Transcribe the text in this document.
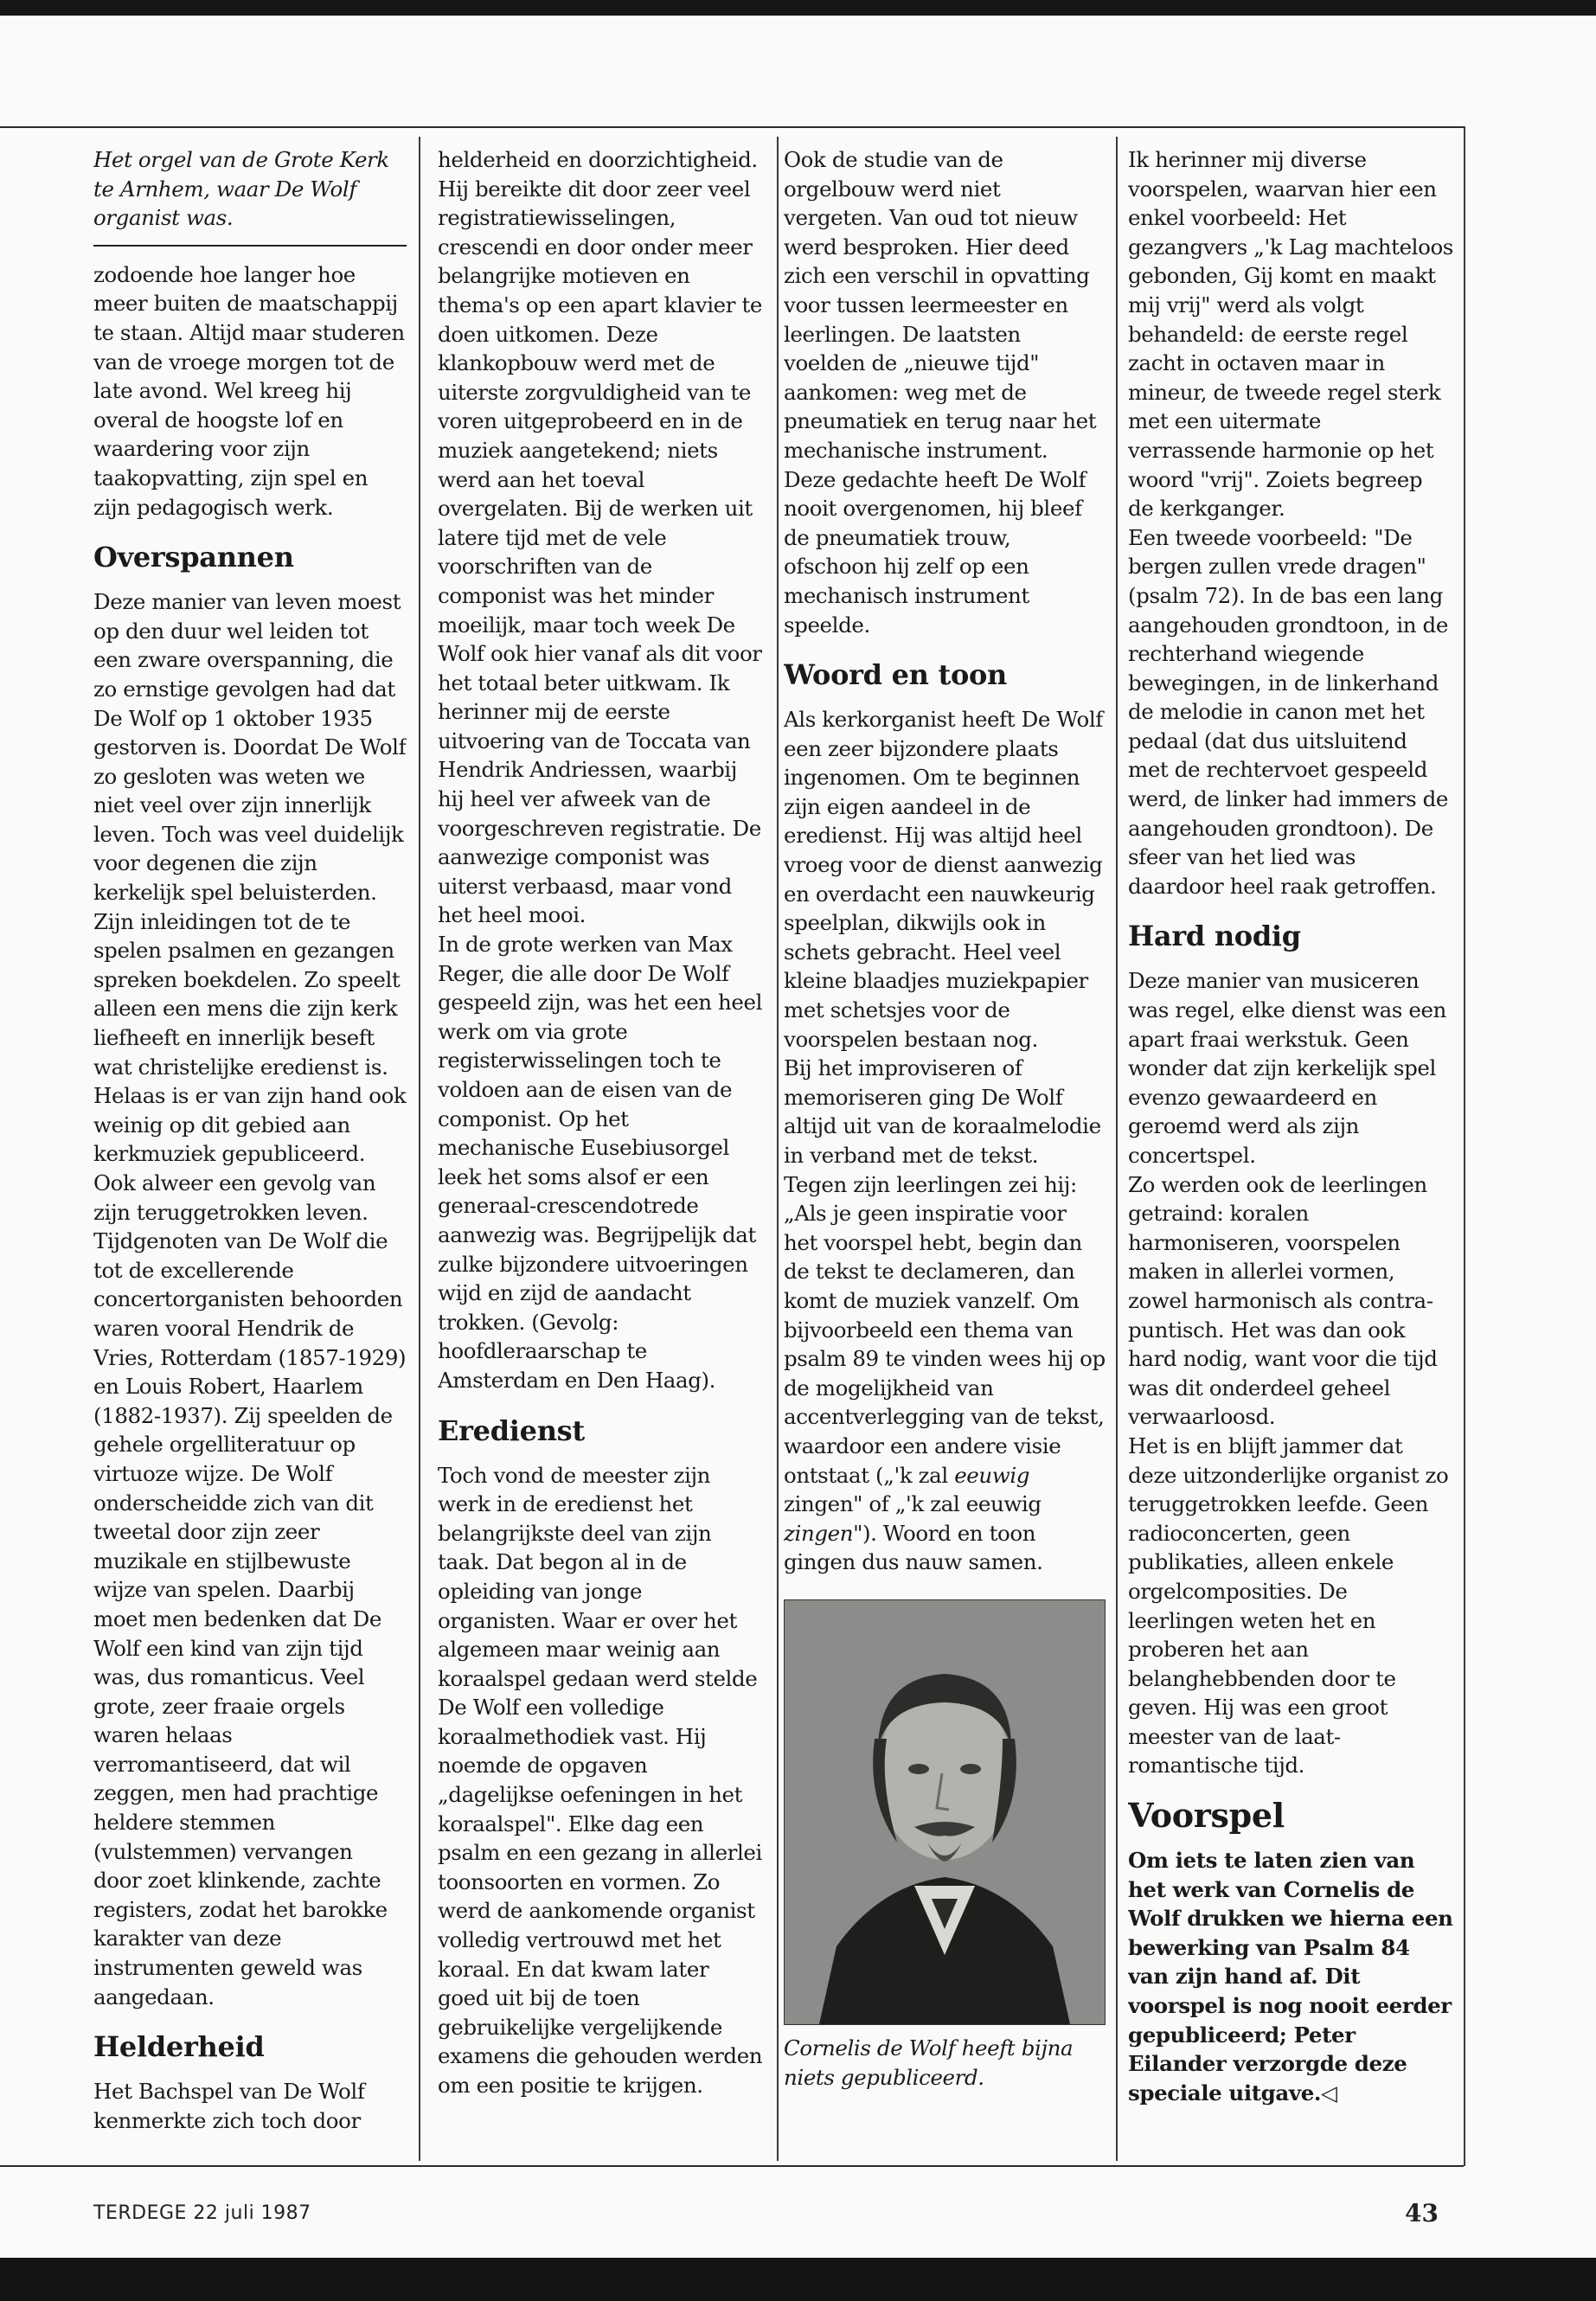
Het orgel van de Grote Kerk te Arnhem, waar De Wolf organist was.

zodoende hoe langer hoe meer buiten de maatschappij te staan. Altijd maar studeren van de vroege morgen tot de late avond. Wel kreeg hij overal de hoogste lof en waardering voor zijn taakopvatting, zijn spel en zijn pedagogisch werk.

Overspannen

Deze manier van leven moest op den duur wel leiden tot een zware overspanning, die zo ernstige gevolgen had dat De Wolf op 1 oktober 1935 gestorven is. Doordat De Wolf zo gesloten was weten we niet veel over zijn innerlijk leven. Toch was veel duidelijk voor degenen die zijn kerkelijk spel beluisterden. Zijn inleidingen tot de te spelen psalmen en gezangen spreken boekdelen. Zo speelt alleen een mens die zijn kerk liefheeft en innerlijk beseft wat christelijke eredienst is. Helaas is er van zijn hand ook weinig op dit gebied aan kerkmuziek gepubliceerd. Ook alweer een gevolg van zijn teruggetrokken leven.

Tijdgenoten van De Wolf die tot de excellerende concertorganisten behoorden waren vooral Hendrik de Vries, Rotterdam (1857-1929) en Louis Robert, Haarlem (1882-1937). Zij speelden de gehele orgelliteratuur op virtuoze wijze. De Wolf onderscheidde zich van dit tweetal door zijn zeer muzikale en stijlbewuste wijze van spelen. Daarbij moet men bedenken dat De Wolf een kind van zijn tijd was, dus romanticus. Veel grote, zeer fraaie orgels waren helaas verromantiseerd, dat wil zeggen, men had prachtige heldere stemmen (vulstemmen) vervangen door zoet klinkende, zachte registers, zodat het barokke karakter van deze instrumenten geweld was aangedaan.

Helderheid

Het Bachspel van De Wolf kenmerkte zich toch door

helderheid en doorzichtigheid. Hij bereikte dit door zeer veel registratiewisselingen, crescendi en door onder meer belangrijke motieven en thema's op een apart klavier te doen uitkomen. Deze klankopbouw werd met de uiterste zorgvuldigheid van te voren uitgeprobeerd en in de muziek aangetekend; niets werd aan het toeval overgelaten. Bij de werken uit latere tijd met de vele voorschriften van de componist was het minder moeilijk, maar toch week De Wolf ook hier vanaf als dit voor het totaal beter uitkwam. Ik herinner mij de eerste uitvoering van de Toccata van Hendrik Andriessen, waarbij hij heel ver afweek van de voorgeschreven registratie. De aanwezige componist was uiterst verbaasd, maar vond het heel mooi.

In de grote werken van Max Reger, die alle door De Wolf gespeeld zijn, was het een heel werk om via grote registerwisselingen toch te voldoen aan de eisen van de componist. Op het mechanische Eusebiusorgel leek het soms alsof er een generaal-crescendotrede aanwezig was. Begrijpelijk dat zulke bijzondere uitvoeringen wijd en zijd de aandacht trokken. (Gevolg: hoofdleraarschap te Amsterdam en Den Haag).

Eredienst

Toch vond de meester zijn werk in de eredienst het belangrijkste deel van zijn taak. Dat begon al in de opleiding van jonge organisten. Waar er over het algemeen maar weinig aan koraalspel gedaan werd stelde De Wolf een volledige koraalmethodiek vast. Hij noemde de opgaven „dagelijkse oefeningen in het koraalspel". Elke dag een psalm en een gezang in allerlei toonsoorten en vormen. Zo werd de aankomende organist volledig vertrouwd met het koraal. En dat kwam later goed uit bij de toen gebruikelijke vergelijkende examens die gehouden werden om een positie te krijgen.

Ook de studie van de orgelbouw werd niet vergeten. Van oud tot nieuw werd besproken. Hier deed zich een verschil in opvatting voor tussen leermeester en leerlingen. De laatsten voelden de „nieuwe tijd" aankomen: weg met de pneumatiek en terug naar het mechanische instrument. Deze gedachte heeft De Wolf nooit overgenomen, hij bleef de pneumatiek trouw, ofschoon hij zelf op een mechanisch instrument speelde.

Woord en toon

Als kerkorganist heeft De Wolf een zeer bijzondere plaats ingenomen. Om te beginnen zijn eigen aandeel in de eredienst. Hij was altijd heel vroeg voor de dienst aanwezig en overdacht een nauwkeurig speelplan, dikwijls ook in schets gebracht. Heel veel kleine blaadjes muziekpapier met schetsjes voor de voorspelen bestaan nog.

Bij het improviseren of memoriseren ging De Wolf altijd uit van de koraalmelodie in verband met de tekst. Tegen zijn leerlingen zei hij: „Als je geen inspiratie voor het voorspel hebt, begin dan de tekst te declameren, dan komt de muziek vanzelf. Om bijvoorbeeld een thema van psalm 89 te vinden wees hij op de mogelijkheid van accentverlegging van de tekst, waardoor een andere visie ontstaat („'k zal eeuwig zingen" of „'k zal eeuwig zingen"). Woord en toon gingen dus nauw samen.

Cornelis de Wolf heeft bijna niets gepubliceerd.

Ik herinner mij diverse voorspelen, waarvan hier een enkel voorbeeld: Het gezangvers „'k Lag machteloos gebonden, Gij komt en maakt mij vrij" werd als volgt behandeld: de eerste regel zacht in octaven maar in mineur, de tweede regel sterk met een uitermate verrassende harmonie op het woord "vrij". Zoiets begreep de kerkganger.

Een tweede voorbeeld: "De bergen zullen vrede dragen" (psalm 72). In de bas een lang aangehouden grondtoon, in de rechterhand wiegende bewegingen, in de linkerhand de melodie in canon met het pedaal (dat dus uitsluitend met de rechtervoet gespeeld werd, de linker had immers de aangehouden grondtoon). De sfeer van het lied was daardoor heel raak getroffen.

Hard nodig

Deze manier van musiceren was regel, elke dienst was een apart fraai werkstuk. Geen wonder dat zijn kerkelijk spel evenzo gewaardeerd en geroemd werd als zijn concertspel.

Zo werden ook de leerlingen getraind: koralen harmoniseren, voorspelen maken in allerlei vormen, zowel harmonisch als contra-puntisch. Het was dan ook hard nodig, want voor die tijd was dit onderdeel geheel verwaarloosd.

Het is en blijft jammer dat deze uitzonderlijke organist zo teruggetrokken leefde. Geen radioconcerten, geen publikaties, alleen enkele orgelcomposities. De leerlingen weten het en proberen het aan belanghebbenden door te geven. Hij was een groot meester van de laat-romantische tijd.

Voorspel

Om iets te laten zien van het werk van Cornelis de Wolf drukken we hierna een bewerking van Psalm 84 van zijn hand af. Dit voorspel is nog nooit eerder gepubliceerd; Peter Eilander verzorgde deze speciale uitgave.◁

TERDEGE 22 juli 1987	43
